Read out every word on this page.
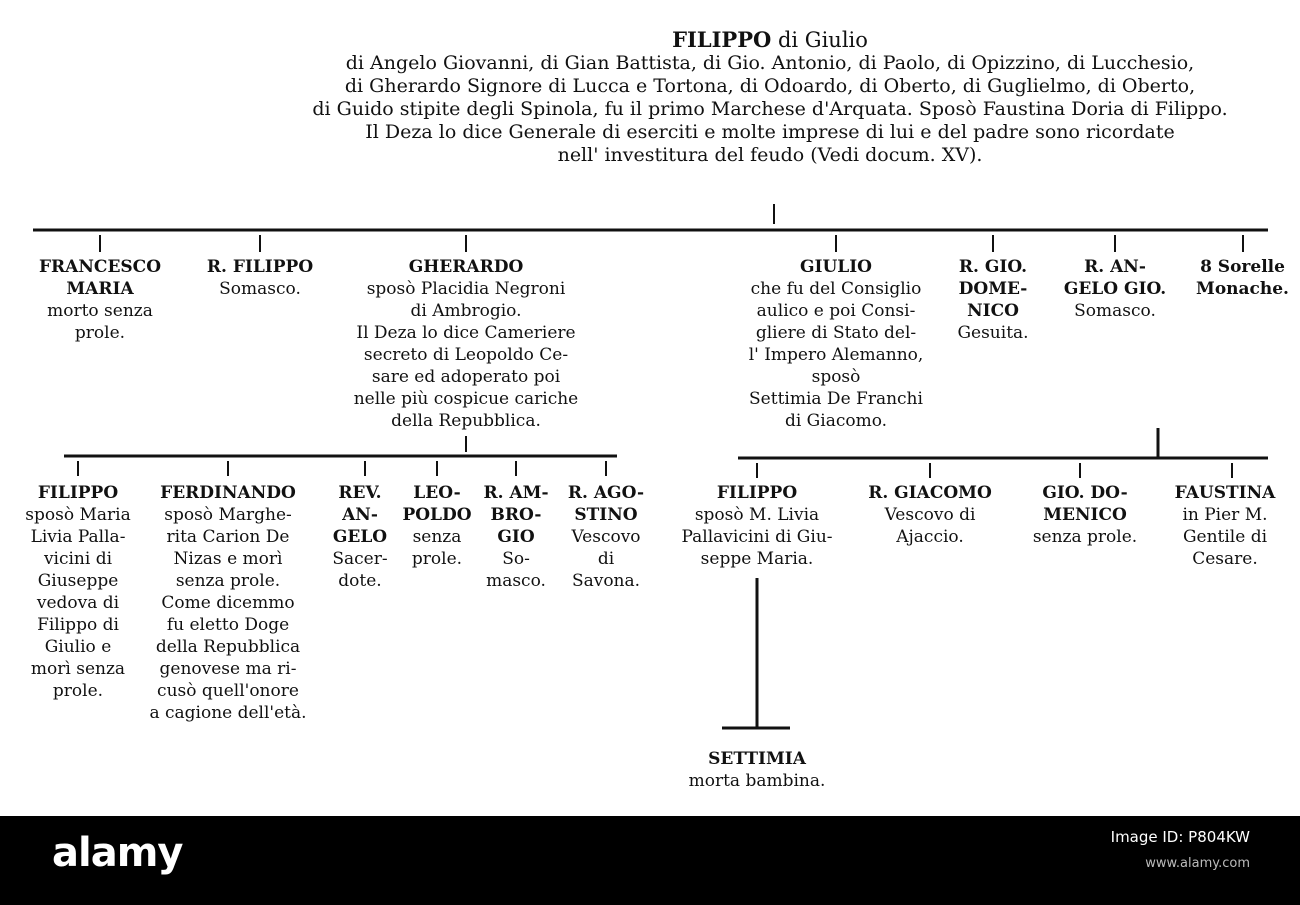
FILIPPO di Giulio
di Angelo Giovanni, di Gian Battista, di Gio. Antonio, di Paolo, di Opizzino, di Lucchesio,
di Gherardo Signore di Lucca e Tortona, di Odoardo, di Oberto, di Guglielmo, di Oberto,
di Guido stipite degli Spinola, fu il primo Marchese d'Arquata. Sposò Faustina Doria di Filippo.
Il Deza lo dice Generale di eserciti e molte imprese di lui e del padre sono ricordate
nell' investitura del feudo (Vedi docum. XV).
FRANCESCO
MARIA
morto senza
prole.
R. FILIPPO
Somasco.
GHERARDO
sposò Placidia Negroni
di Ambrogio.
Il Deza lo dice Cameriere
secreto di Leopoldo Ce-
sare ed adoperato poi
nelle più cospicue cariche
della Repubblica.
GIULIO
che fu del Consiglio
aulico e poi Consi-
gliere di Stato del-
l' Impero Alemanno,
sposò
Settimia De Franchi
di Giacomo.
R. GIO.
DOME-
NICO
Gesuita.
R. AN-
GELO GIO.
Somasco.
8 Sorelle
Monache.
FILIPPO
sposò Maria
Livia Palla-
vicini di
Giuseppe
vedova di
Filippo di
Giulio e
morì senza
prole.
FERDINANDO
sposò Marghe-
rita Carion De
Nizas e morì
senza prole.
Come dicemmo
fu eletto Doge
della Repubblica
genovese ma ri-
cusò quell'onore
a cagione dell'età.
REV.
AN-
GELO
Sacer-
dote.
LEO-
POLDO
senza
prole.
R. AM-
BRO-
GIO
So-
masco.
R. AGO-
STINO
Vescovo
di
Savona.
FILIPPO
sposò M. Livia
Pallavicini di Giu-
seppe Maria.
R. GIACOMO
Vescovo di
Ajaccio.
GIO. DO-
MENICO
senza prole.
FAUSTINA
in Pier M.
Gentile di
Cesare.
SETTIMIA
morta bambina.
alamy	Image ID: P804KW
www.alamy.com
